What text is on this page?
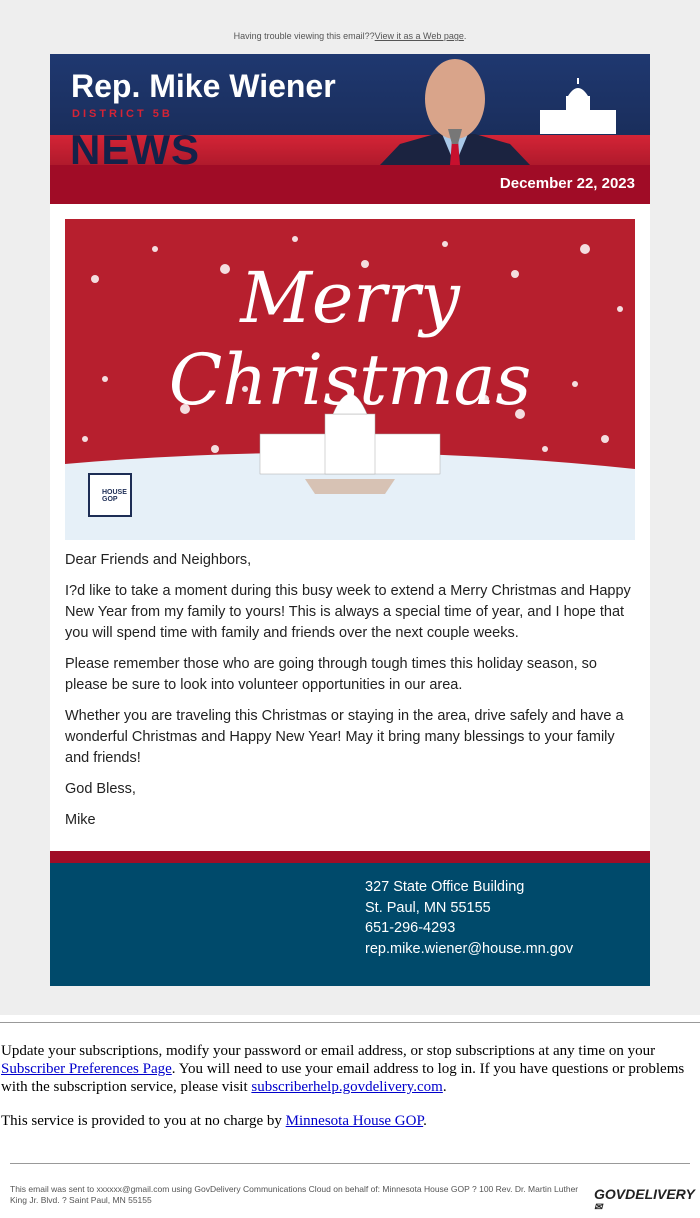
Having trouble viewing this email??View it as a Web page.
Rep. Mike Wiener
DISTRICT 5B
NEWS
December 22, 2023
Merry Christmas
HOUSE GOP

Dear Friends and Neighbors,

I?d like to take a moment during this busy week to extend a Merry Christmas and Happy New Year from my family to yours! This is always a special time of year, and I hope that you will spend time with family and friends over the next couple weeks.

Please remember those who are going through tough times this holiday season, so please be sure to look into volunteer opportunities in our area.

Whether you are traveling this Christmas or staying in the area, drive safely and have a wonderful Christmas and Happy New Year! May it bring many blessings to your family and friends!

God Bless,

Mike

327 State Office Building
St. Paul, MN 55155
651-296-4293
rep.mike.wiener@house.mn.gov
Update your subscriptions, modify your password or email address, or stop subscriptions at any time on your Subscriber Preferences Page. You will need to use your email address to log in. If you have questions or problems with the subscription service, please visit subscriberhelp.govdelivery.com.
This service is provided to you at no charge by Minnesota House GOP.
This email was sent to xxxxxx@gmail.com using GovDelivery Communications Cloud on behalf of: Minnesota House GOP ? 100 Rev. Dr. Martin Luther King Jr. Blvd. ? Saint Paul, MN 55155	GOVDELIVERY✉
